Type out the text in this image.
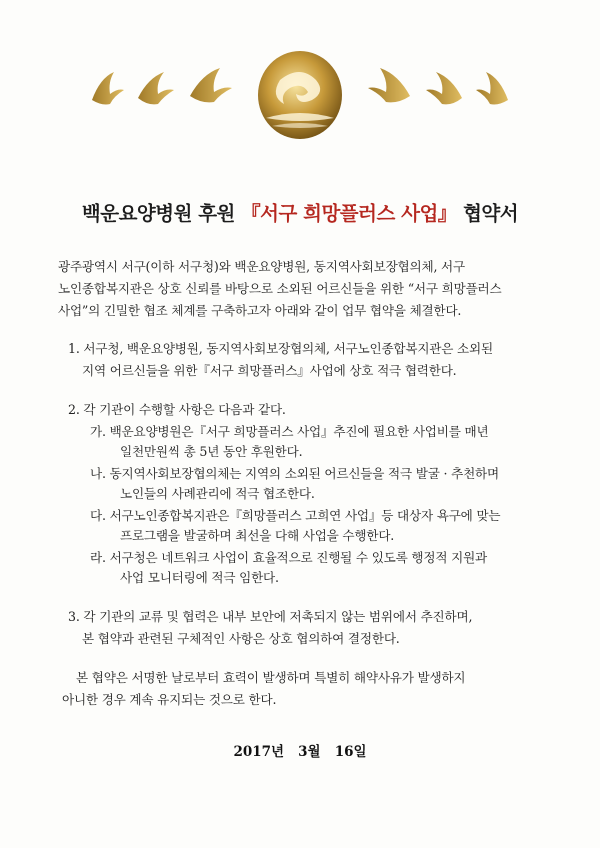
백운요양병원 후원 『서구 희망플러스 사업』 협약서
광주광역시 서구(이하 서구청)와 백운요양병원, 동지역사회보장협의체, 서구
노인종합복지관은 상호 신뢰를 바탕으로 소외된 어르신들을 위한 “서구 희망플러스
사업”의 긴밀한 협조 체계를 구축하고자 아래와 같이 업무 협약을 체결한다.
1. 서구청, 백운요양병원, 동지역사회보장협의체, 서구노인종합복지관은 소외된
지역 어르신들을 위한『서구 희망플러스』사업에 상호 적극 협력한다.
2. 각 기관이 수행할 사항은 다음과 같다.
가. 백운요양병원은『서구 희망플러스 사업』추진에 필요한 사업비를 매년
일천만원씩 총 5년 동안 후원한다.
나. 동지역사회보장협의체는 지역의 소외된 어르신들을 적극 발굴 · 추천하며
노인들의 사례관리에 적극 협조한다.
다. 서구노인종합복지관은『희망플러스 고희연 사업』등 대상자 욕구에 맞는
프로그램을 발굴하며 최선을 다해 사업을 수행한다.
라. 서구청은 네트워크 사업이 효율적으로 진행될 수 있도록 행정적 지원과
사업 모니터링에 적극 임한다.
3. 각 기관의 교류 및 협력은 내부 보안에 저촉되지 않는 범위에서 추진하며,
본 협약과 관련된 구체적인 사항은 상호 협의하여 결정한다.
본 협약은 서명한 날로부터 효력이 발생하며 특별히 해약사유가 발생하지
아니한 경우 계속 유지되는 것으로 한다.
2017년   3월   16일
